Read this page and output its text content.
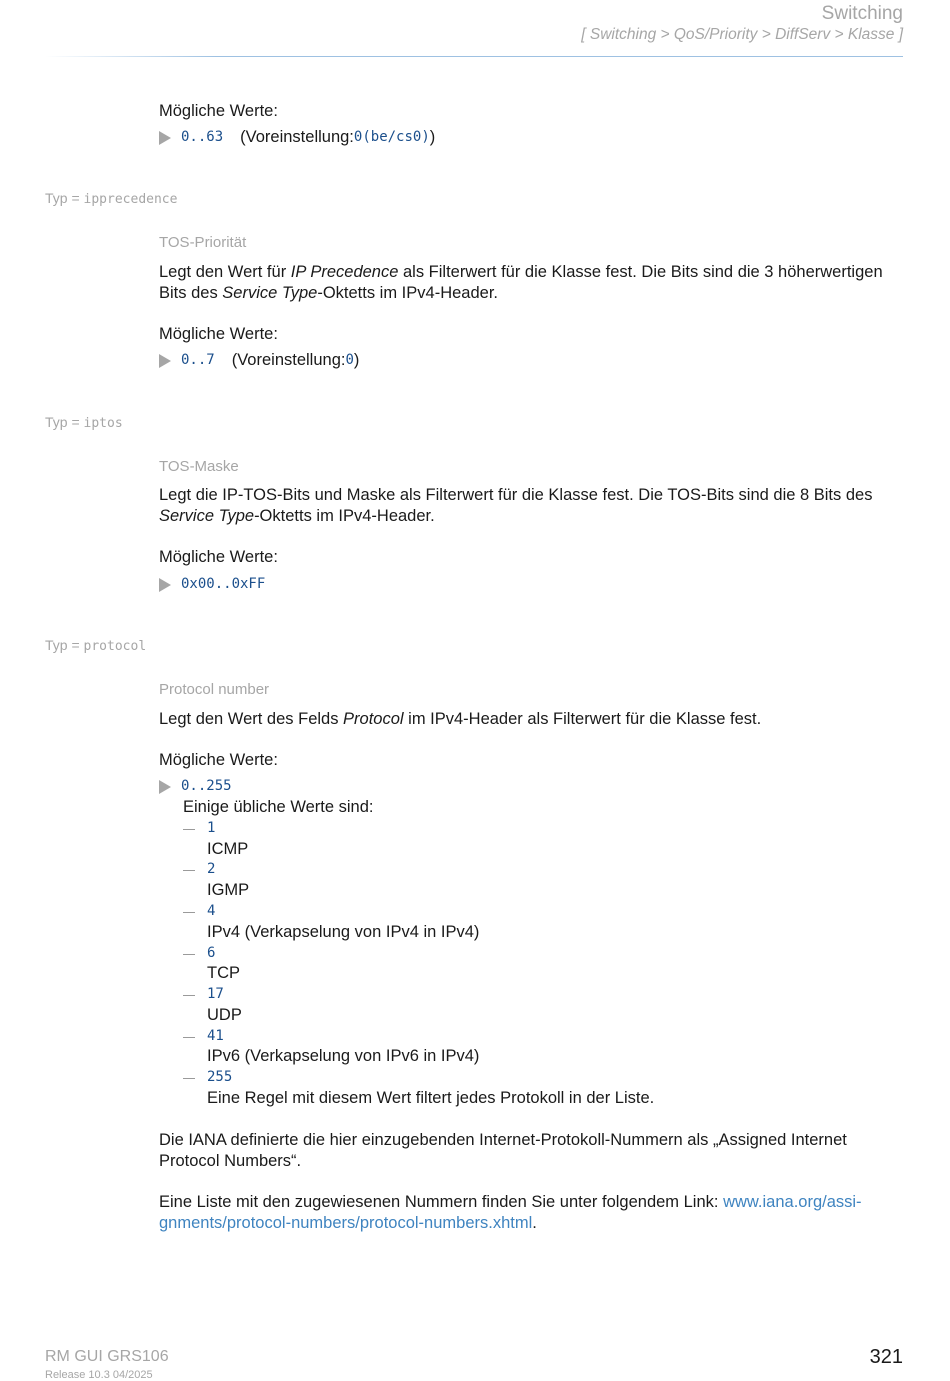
Switching
[ Switching > QoS/Priority > DiffServ > Klasse ]
Mögliche Werte:
0..63 (Voreinstellung: 0(be/cs0) )
Typ = ipprecedence
TOS-Priorität
Legt den Wert für IP Precedence als Filterwert für die Klasse fest. Die Bits sind die 3 höherwertigen Bits des Service Type-Oktetts im IPv4-Header.
Mögliche Werte:
0..7 (Voreinstellung: 0 )
Typ = iptos
TOS-Maske
Legt die IP-TOS-Bits und Maske als Filterwert für die Klasse fest. Die TOS-Bits sind die 8 Bits des Service Type-Oktetts im IPv4-Header.
Mögliche Werte:
0x00..0xFF
Typ = protocol
Protocol number
Legt den Wert des Felds Protocol im IPv4-Header als Filterwert für die Klasse fest.
Mögliche Werte:
0..255
Einige übliche Werte sind:
1
ICMP
2
IGMP
4
IPv4 (Verkapselung von IPv4 in IPv4)
6
TCP
17
UDP
41
IPv6 (Verkapselung von IPv6 in IPv4)
255
Eine Regel mit diesem Wert filtert jedes Protokoll in der Liste.
Die IANA definierte die hier einzugebenden Internet-Protokoll-Nummern als „Assigned Internet Protocol Numbers“.
Eine Liste mit den zugewiesenen Nummern finden Sie unter folgendem Link: www.iana.org/assi-gnments/protocol-numbers/protocol-numbers.xhtml.
RM GUI GRS106
Release 10.3 04/2025
321
